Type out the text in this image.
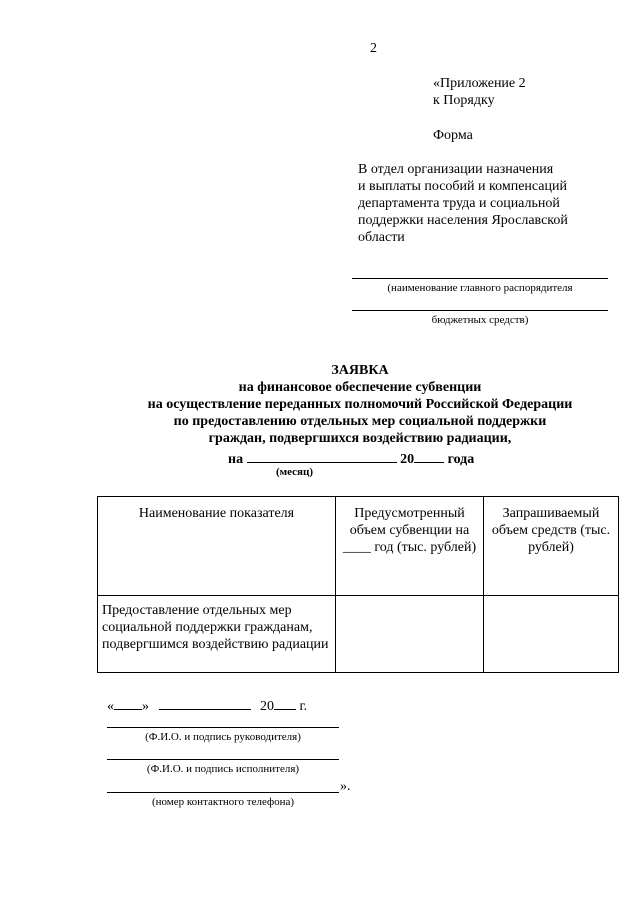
2
«Приложение 2
к Порядку
Форма
В отдел организации назначения
и выплаты пособий и компенсаций
департамента труда и социальной
поддержки населения Ярославской
области
(наименование главного распорядителя
бюджетных средств)
ЗАЯВКА
на финансовое обеспечение субвенции
на осуществление переданных полномочий Российской Федерации
по предоставлению отдельных мер социальной поддержки
граждан, подвергшихся воздействию радиации,
на	20 года
(месяц)
Наименование показателя	Предусмотренный объем субвенции на ____ год (тыс. рублей)	Запрашиваемый объем средств (тыс. рублей)
Предоставление отдельных мер социальной поддержки гражданам, подвергшимся воздействию радиации		
« »	20 г.
(Ф.И.О. и подпись руководителя)
(Ф.И.О. и подпись исполнителя)
».
(номер контактного телефона)
